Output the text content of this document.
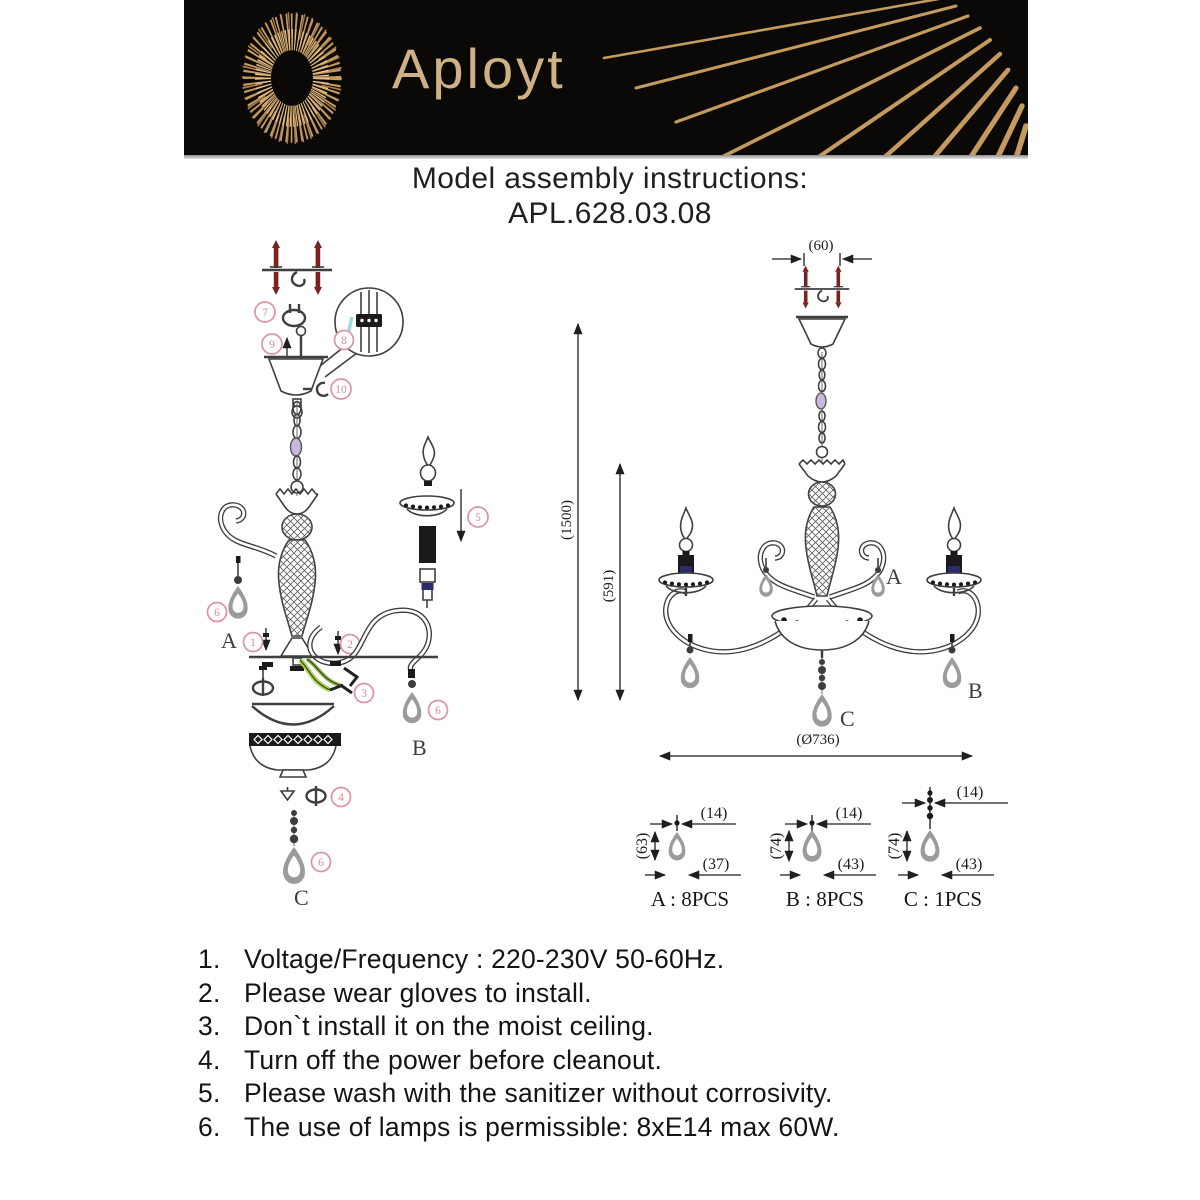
Aployt
Model assembly instructions:
APL.628.03.08
7
9	8
10
6
A 1	2
6
B
5
3
4
6
C
(60)
A
B
C
(1500)
(591)
(Ø736)
(14)
(63)
(37)
A : 8PCS
(14)
(74)
(43)
B : 8PCS
(14)
(74)
(43)
C : 1PCS
1. Voltage/Frequency : 220-230V 50-60Hz.
2. Please wear gloves to install.
3. Don`t install it on the moist ceiling.
4. Turn off the power before cleanout.
5. Please wash with the sanitizer without corrosivity.
6. The use of lamps is permissible: 8xE14 max 60W.
